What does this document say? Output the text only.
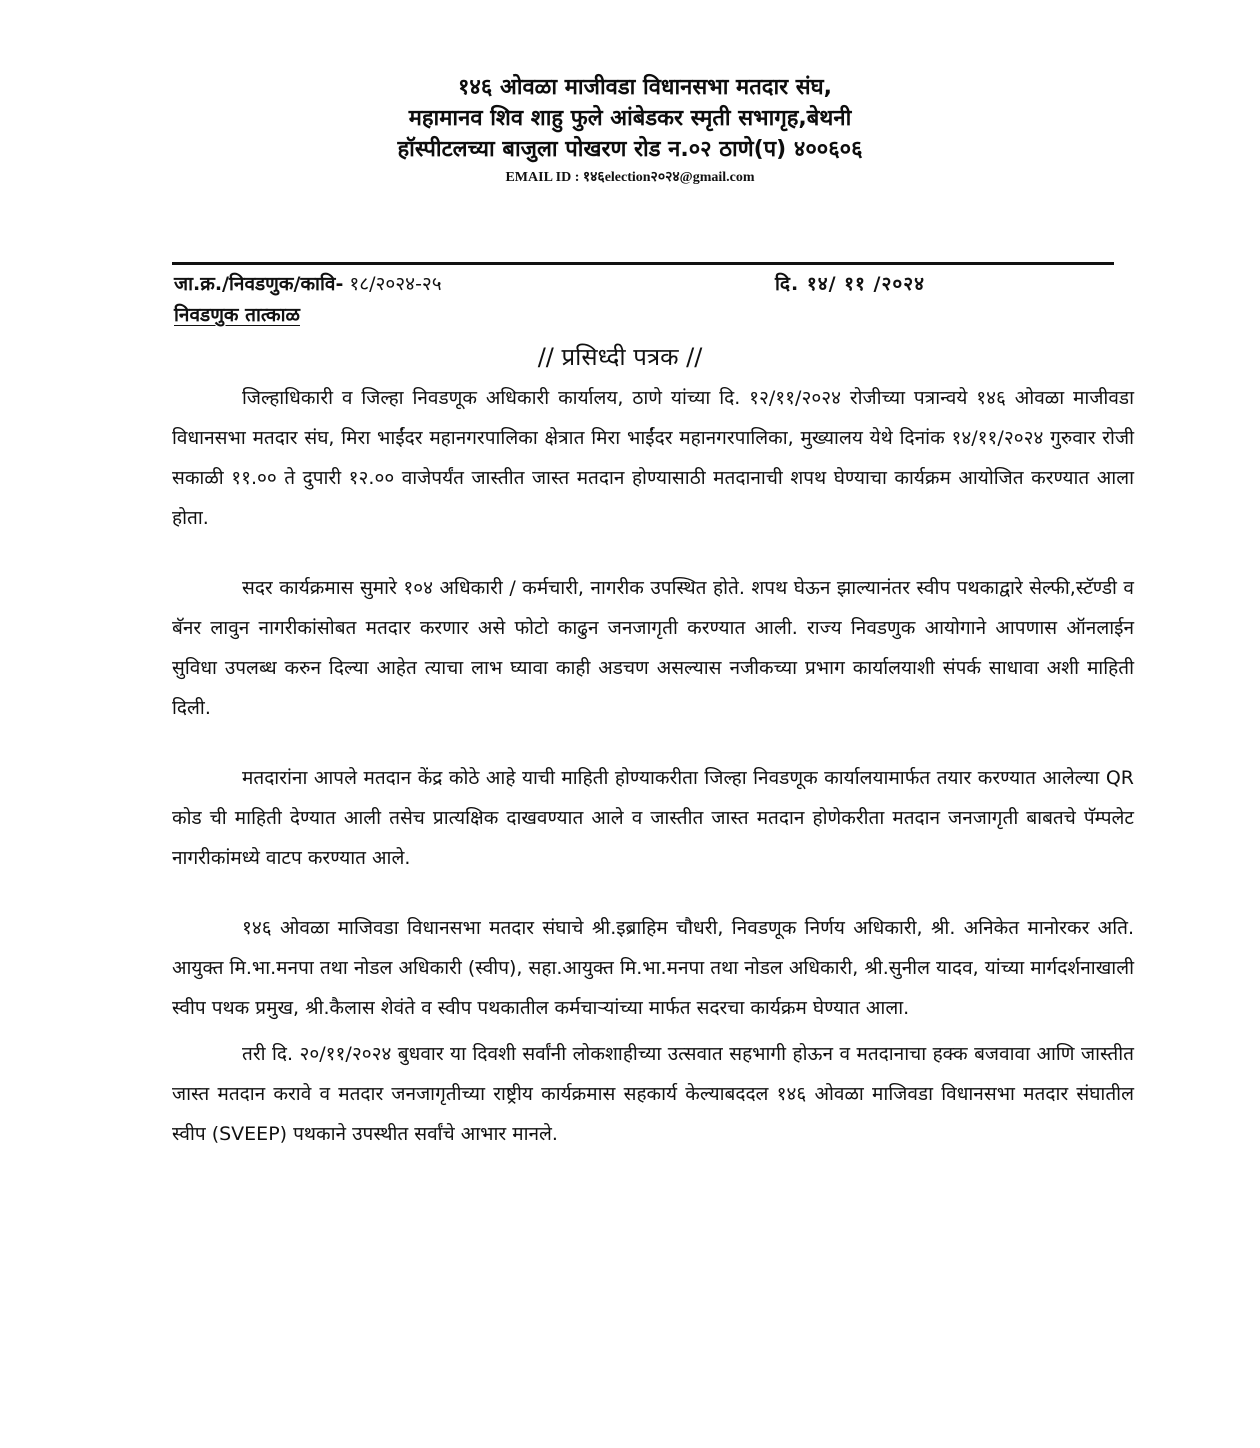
१४६ ओवळा माजीवडा विधानसभा मतदार संघ,
महामानव शिव शाहु फुले आंबेडकर स्मृती सभागृह,बेथनी
हॉस्पीटलच्या बाजुला पोखरण रोड न.०२ ठाणे(प) ४००६०६
EMAIL ID : १४६election२०२४@gmail.com
जा.क्र./निवडणुक/कावि- १८/२०२४-२५	दि. १४/ ११ /२०२४
निवडणुक तात्काळ
// प्रसिध्दी पत्रक //

जिल्हाधिकारी व जिल्हा निवडणूक अधिकारी कार्यालय, ठाणे यांच्या दि. १२/११/२०२४ रोजीच्या पत्रान्वये १४६ ओवळा माजीवडा विधानसभा मतदार संघ, मिरा भाईंदर महानगरपालिका क्षेत्रात मिरा भाईंदर महानगरपालिका, मुख्यालय येथे दिनांक १४/११/२०२४ गुरुवार रोजी सकाळी ११.०० ते दुपारी १२.०० वाजेपर्यंत जास्तीत जास्त मतदान होण्यासाठी मतदानाची शपथ घेण्याचा कार्यक्रम आयोजित करण्यात आला होता.

सदर कार्यक्रमास सुमारे १०४ अधिकारी / कर्मचारी, नागरीक उपस्थित होते. शपथ घेऊन झाल्यानंतर स्वीप पथकाद्वारे सेल्फी,स्टॅण्डी व बॅनर लावुन नागरीकांसोबत मतदार करणार असे फोटो काढुन जनजागृती करण्यात आली. राज्य निवडणुक आयोगाने आपणास ऑनलाईन सुविधा उपलब्ध करुन दिल्या आहेत त्याचा लाभ घ्यावा काही अडचण असल्यास नजीकच्या प्रभाग कार्यालयाशी संपर्क साधावा अशी माहिती दिली.

मतदारांना आपले मतदान केंद्र कोठे आहे याची माहिती होण्याकरीता जिल्हा निवडणूक कार्यालयामार्फत तयार करण्यात आलेल्या QR कोड ची माहिती देण्यात आली तसेच प्रात्यक्षिक दाखवण्यात आले व जास्तीत जास्त मतदान होणेकरीता मतदान जनजागृती बाबतचे पॅम्पलेट नागरीकांमध्ये वाटप करण्यात आले.

१४६ ओवळा माजिवडा विधानसभा मतदार संघाचे श्री.इब्राहिम चौधरी, निवडणूक निर्णय अधिकारी, श्री. अनिकेत मानोरकर अति. आयुक्त मि.भा.मनपा तथा नोडल अधिकारी (स्वीप), सहा.आयुक्त मि.भा.मनपा तथा नोडल अधिकारी, श्री.सुनील यादव, यांच्या मार्गदर्शनाखाली स्वीप पथक प्रमुख, श्री.कैलास शेवंते व स्वीप पथकातील कर्मचाऱ्यांच्या मार्फत सदरचा कार्यक्रम घेण्यात आला.

तरी दि. २०/११/२०२४ बुधवार या दिवशी सर्वांनी लोकशाहीच्या उत्सवात सहभागी होऊन व मतदानाचा हक्क बजवावा आणि जास्तीत जास्त मतदान करावे व मतदार जनजागृतीच्या राष्ट्रीय कार्यक्रमास सहकार्य केल्याबददल १४६ ओवळा माजिवडा विधानसभा मतदार संघातील स्वीप (SVEEP) पथकाने उपस्थीत सर्वांचे आभार मानले.
